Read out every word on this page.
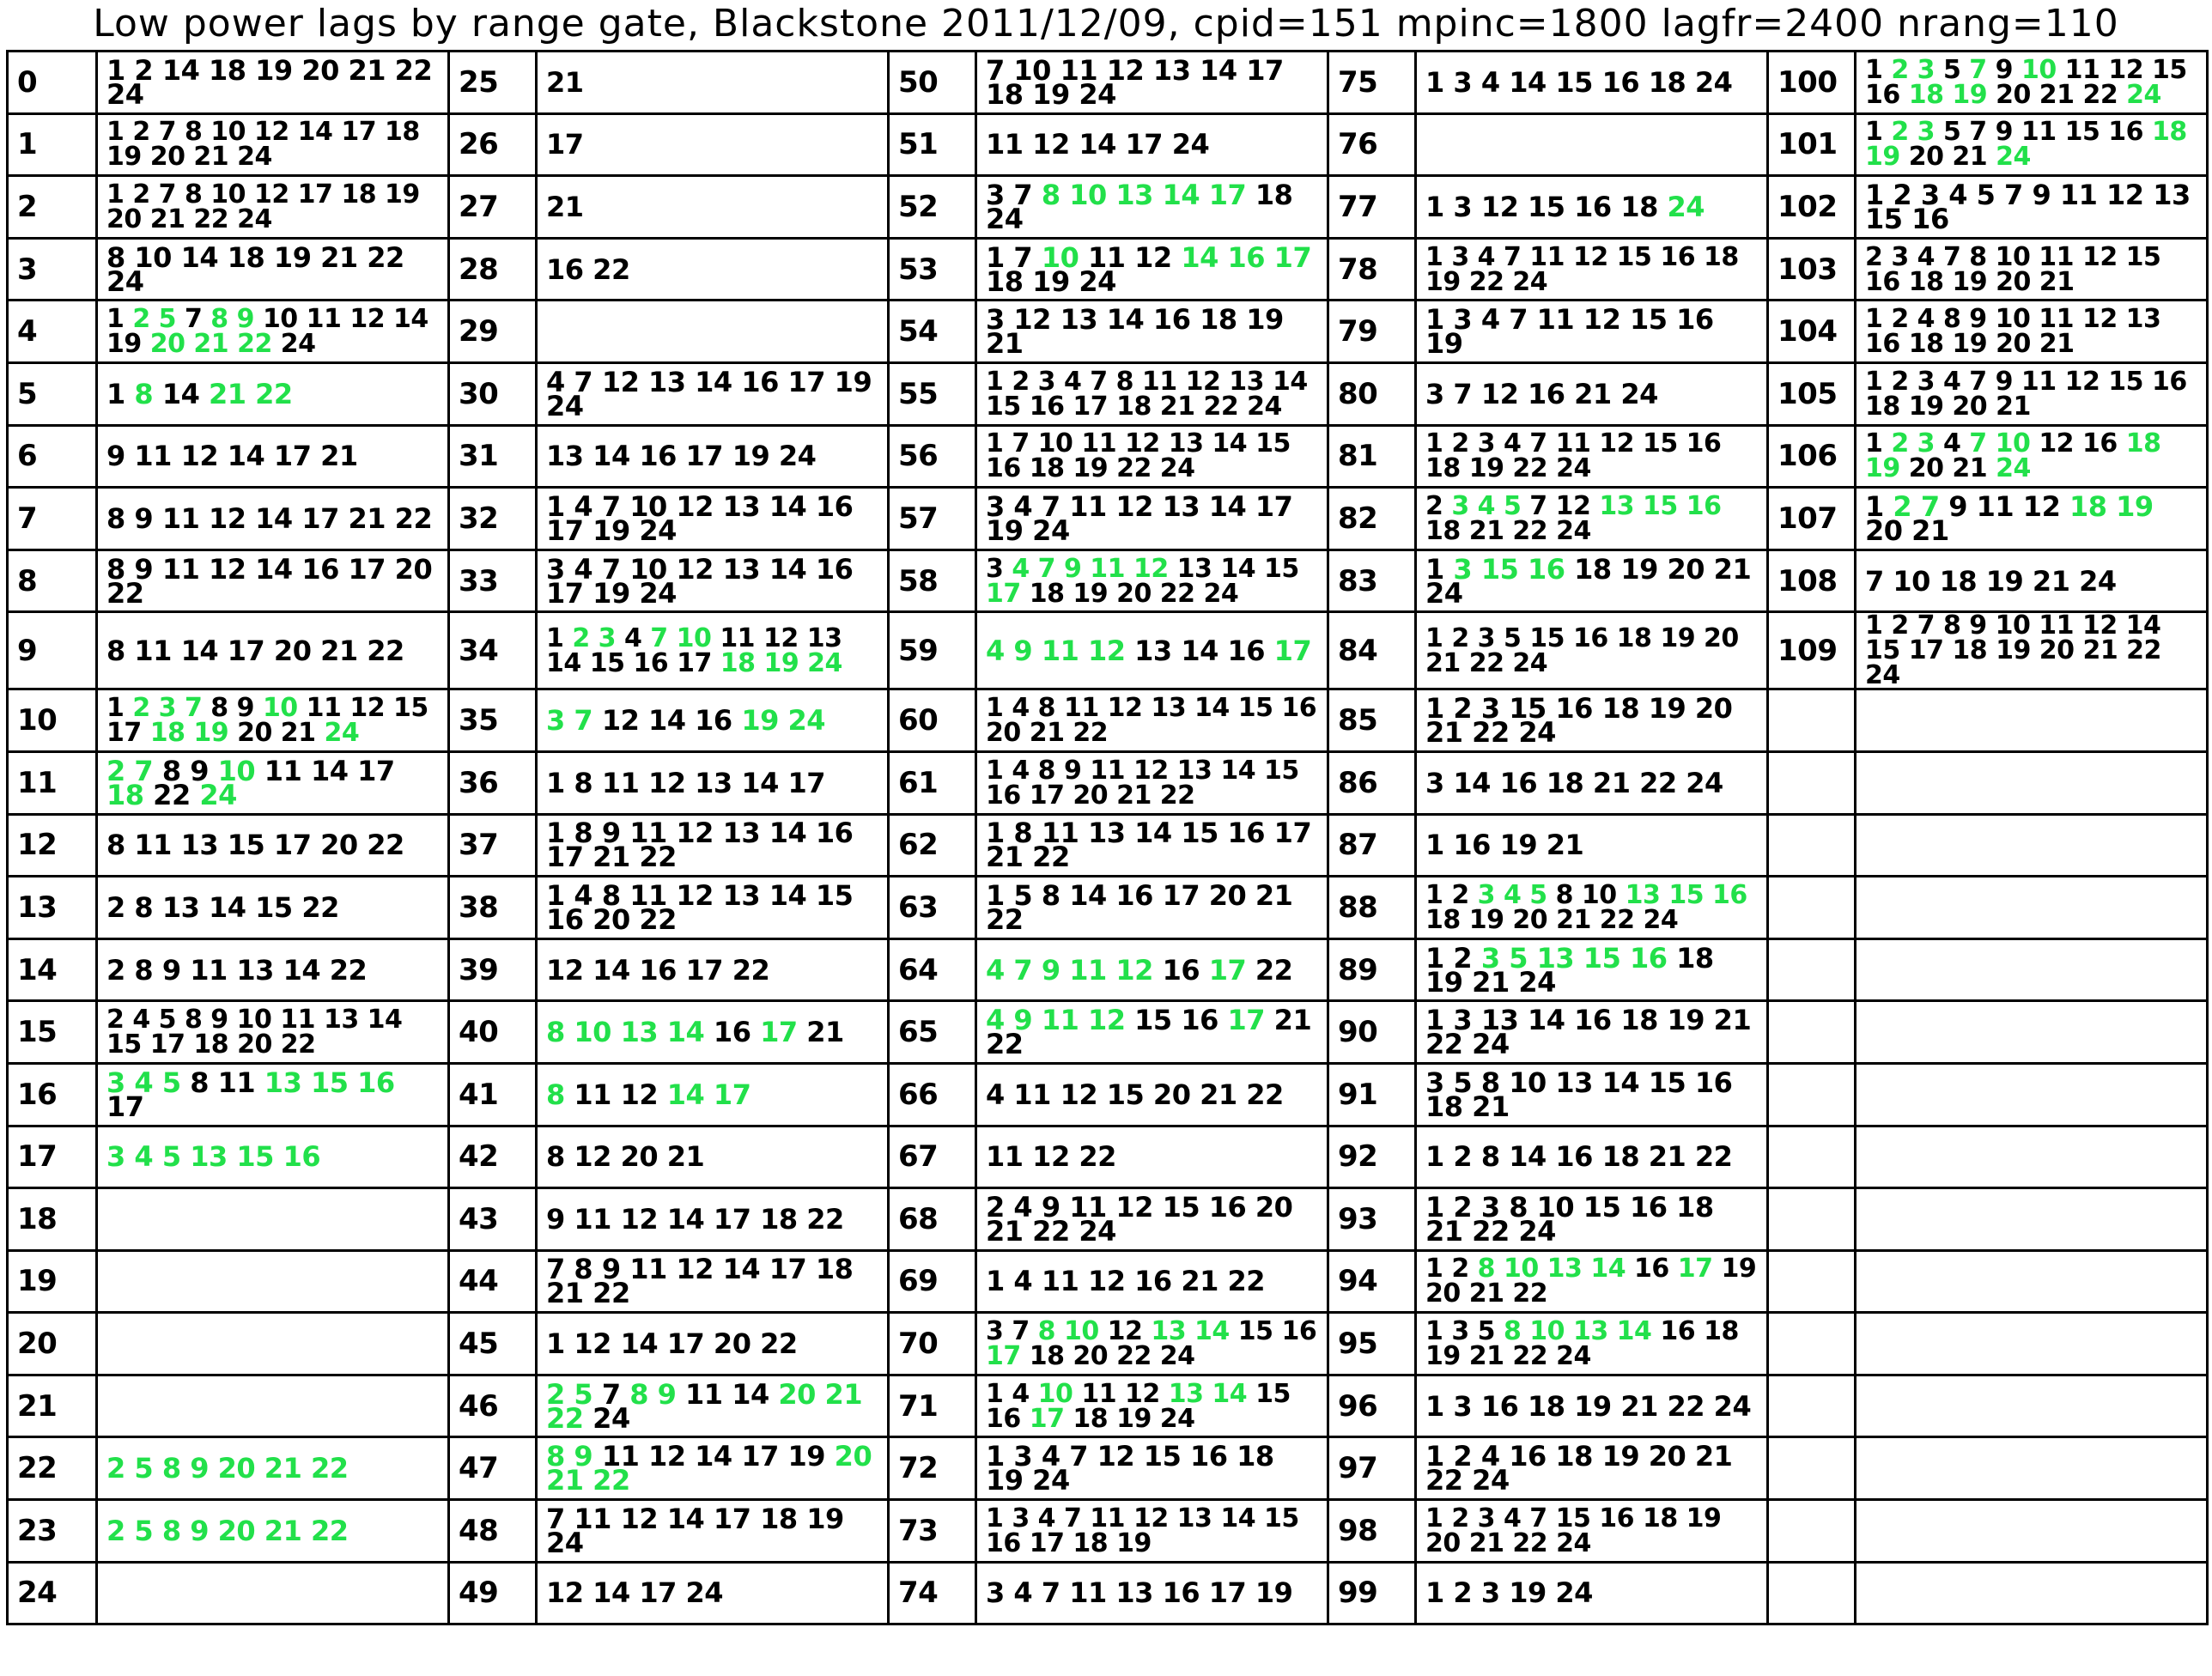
Low power lags by range gate, Blackstone 2011/12/09, cpid=151 mpinc=1800 lagfr=2400 nrang=110
0	1 2 14 18 19 20 21 22 24	25	21	50	7 10 11 12 13 14 17 18 19 24	75	1 3 4 14 15 16 18 24	100	1 2 3 5 7 9 10 11 12 15 16 18 19 20 21 22 24
1	1 2 7 8 10 12 14 17 18 19 20 21 24	26	17	51	11 12 14 17 24	76		101	1 2 3 5 7 9 11 15 16 18 19 20 21 24
2	1 2 7 8 10 12 17 18 19 20 21 22 24	27	21	52	3 7 8 10 13 14 17 18 24	77	1 3 12 15 16 18 24	102	1 2 3 4 5 7 9 11 12 13 15 16
3	8 10 14 18 19 21 22 24	28	16 22	53	1 7 10 11 12 14 16 17 18 19 24	78	1 3 4 7 11 12 15 16 18 19 22 24	103	2 3 4 7 8 10 11 12 15 16 18 19 20 21
4	1 2 5 7 8 9 10 11 12 14 19 20 21 22 24	29		54	3 12 13 14 16 18 19 21	79	1 3 4 7 11 12 15 16 19	104	1 2 4 8 9 10 11 12 13 16 18 19 20 21
5	1 8 14 21 22	30	4 7 12 13 14 16 17 19 24	55	1 2 3 4 7 8 11 12 13 14 15 16 17 18 21 22 24	80	3 7 12 16 21 24	105	1 2 3 4 7 9 11 12 15 16 18 19 20 21
6	9 11 12 14 17 21	31	13 14 16 17 19 24	56	1 7 10 11 12 13 14 15 16 18 19 22 24	81	1 2 3 4 7 11 12 15 16 18 19 22 24	106	1 2 3 4 7 10 12 16 18 19 20 21 24
7	8 9 11 12 14 17 21 22	32	1 4 7 10 12 13 14 16 17 19 24	57	3 4 7 11 12 13 14 17 19 24	82	2 3 4 5 7 12 13 15 16 18 21 22 24	107	1 2 7 9 11 12 18 19 20 21
8	8 9 11 12 14 16 17 20 22	33	3 4 7 10 12 13 14 16 17 19 24	58	3 4 7 9 11 12 13 14 15 17 18 19 20 22 24	83	1 3 15 16 18 19 20 21 24	108	7 10 18 19 21 24
9	8 11 14 17 20 21 22	34	1 2 3 4 7 10 11 12 13 14 15 16 17 18 19 24	59	4 9 11 12 13 14 16 17	84	1 2 3 5 15 16 18 19 20 21 22 24	109	1 2 7 8 9 10 11 12 14 15 17 18 19 20 21 22 24
10	1 2 3 7 8 9 10 11 12 15 17 18 19 20 21 24	35	3 7 12 14 16 19 24	60	1 4 8 11 12 13 14 15 16 20 21 22	85	1 2 3 15 16 18 19 20 21 22 24		
11	2 7 8 9 10 11 14 17 18 22 24	36	1 8 11 12 13 14 17	61	1 4 8 9 11 12 13 14 15 16 17 20 21 22	86	3 14 16 18 21 22 24		
12	8 11 13 15 17 20 22	37	1 8 9 11 12 13 14 16 17 21 22	62	1 8 11 13 14 15 16 17 21 22	87	1 16 19 21		
13	2 8 13 14 15 22	38	1 4 8 11 12 13 14 15 16 20 22	63	1 5 8 14 16 17 20 21 22	88	1 2 3 4 5 8 10 13 15 16 18 19 20 21 22 24		
14	2 8 9 11 13 14 22	39	12 14 16 17 22	64	4 7 9 11 12 16 17 22	89	1 2 3 5 13 15 16 18 19 21 24		
15	2 4 5 8 9 10 11 13 14 15 17 18 20 22	40	8 10 13 14 16 17 21	65	4 9 11 12 15 16 17 21 22	90	1 3 13 14 16 18 19 21 22 24		
16	3 4 5 8 11 13 15 16 17	41	8 11 12 14 17	66	4 11 12 15 20 21 22	91	3 5 8 10 13 14 15 16 18 21		
17	3 4 5 13 15 16	42	8 12 20 21	67	11 12 22	92	1 2 8 14 16 18 21 22		
18		43	9 11 12 14 17 18 22	68	2 4 9 11 12 15 16 20 21 22 24	93	1 2 3 8 10 15 16 18 21 22 24		
19		44	7 8 9 11 12 14 17 18 21 22	69	1 4 11 12 16 21 22	94	1 2 8 10 13 14 16 17 19 20 21 22		
20		45	1 12 14 17 20 22	70	3 7 8 10 12 13 14 15 16 17 18 20 22 24	95	1 3 5 8 10 13 14 16 18 19 21 22 24		
21		46	2 5 7 8 9 11 14 20 21 22 24	71	1 4 10 11 12 13 14 15 16 17 18 19 24	96	1 3 16 18 19 21 22 24		
22	2 5 8 9 20 21 22	47	8 9 11 12 14 17 19 20 21 22	72	1 3 4 7 12 15 16 18 19 24	97	1 2 4 16 18 19 20 21 22 24		
23	2 5 8 9 20 21 22	48	7 11 12 14 17 18 19 24	73	1 3 4 7 11 12 13 14 15 16 17 18 19	98	1 2 3 4 7 15 16 18 19 20 21 22 24		
24		49	12 14 17 24	74	3 4 7 11 13 16 17 19	99	1 2 3 19 24		
